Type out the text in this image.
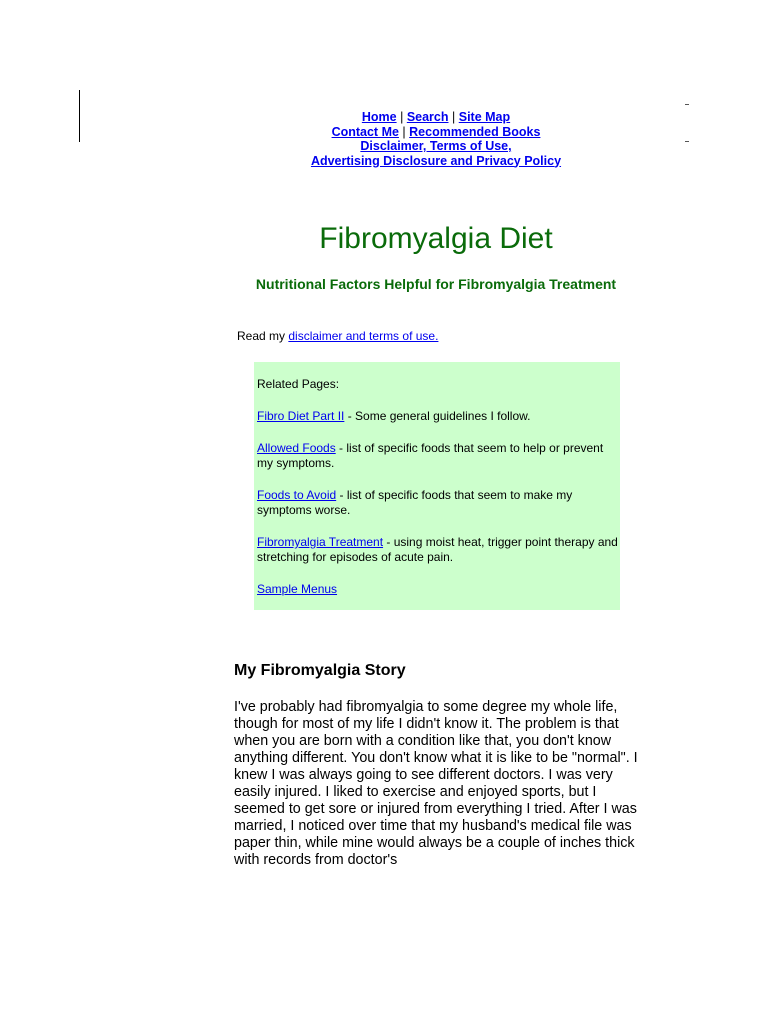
Home | Search | Site Map
Contact Me | Recommended Books
Disclaimer, Terms of Use,
Advertising Disclosure and Privacy Policy
Fibromyalgia Diet
Nutritional Factors Helpful for Fibromyalgia Treatment
Read my disclaimer and terms of use.

Related Pages:

Fibro Diet Part II - Some general guidelines I follow.

Allowed Foods - list of specific foods that seem to help or prevent my symptoms.

Foods to Avoid - list of specific foods that seem to make my symptoms worse.

Fibromyalgia Treatment - using moist heat, trigger point therapy and stretching for episodes of acute pain.

Sample Menus

My Fibromyalgia Story

I've probably had fibromyalgia to some degree my whole life, though for most of my life I didn't know it. The problem is that when you are born with a condition like that, you don't know anything different. You don't know what it is like to be "normal". I knew I was always going to see different doctors. I was very easily injured. I liked to exercise and enjoyed sports, but I seemed to get sore or injured from everything I tried. After I was married, I noticed over time that my husband's medical file was paper thin, while mine would always be a couple of inches thick with records from doctor's
